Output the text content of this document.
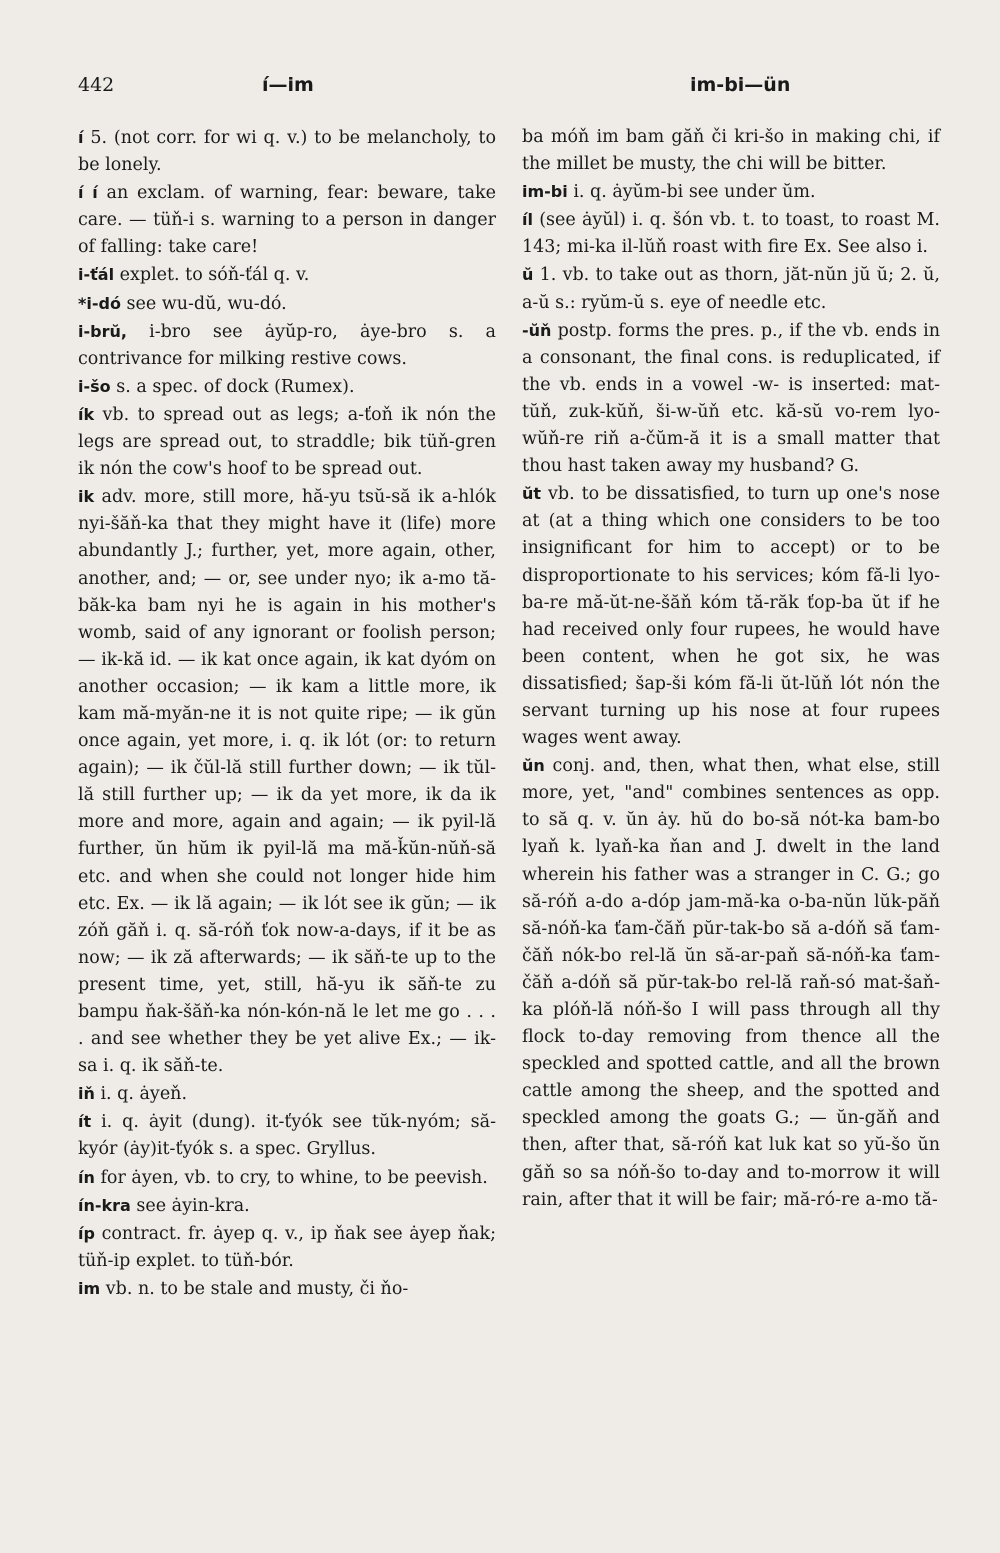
442	í—im	im-bi—ün

í 5. (not corr. for wi q. v.) to be melancholy, to be lonely.

í í an exclam. of warning, fear: beware, take care. — tüň-i s. warning to a person in danger of falling: take care!

i-ťál explet. to sóň-ťál q. v.

*i-dó see wu-dŭ, wu-dó.

i-brŭ, i-bro see ȧyŭp-ro, ȧye-bro s. a contrivance for milking restive cows.

i-šo s. a spec. of dock (Rumex).

ík vb. to spread out as legs; a-ťoň ik nón the legs are spread out, to straddle; bik tüň-gren ik nón the cow's hoof to be spread out.

ik adv. more, still more, hă-yu tsŭ-să ik a-hlók nyi-šăň-ka that they might have it (life) more abundantly J.; further, yet, more again, other, another, and; — or, see under nyo; ik a-mo tă-băk-ka bam nyi he is again in his mother's womb, said of any ignorant or foolish person; — ik-kă id. — ik kat once again, ik kat dyóm on another occasion; — ik kam a little more, ik kam mă-myăn-ne it is not quite ripe; — ik gŭn once again, yet more, i. q. ik lót (or: to return again); — ik čŭl-lă still further down; — ik tŭl-lă still further up; — ik da yet more, ik da ik more and more, again and again; — ik pyil-lă further, ŭn hŭm ik pyil-lă ma mă-ǩŭn-nŭň-să etc. and when she could not longer hide him etc. Ex. — ik lă again; — ik lót see ik gŭn; — ik zóň găň i. q. să-róň ťok now-a-days, if it be as now; — ik ză afterwards; — ik săň-te up to the present time, yet, still, hă-yu ik săň-te zu bampu ňak-šăň-ka nón-kón-nă le let me go . . . . and see whether they be yet alive Ex.; — ik-sa i. q. ik săň-te.

iň i. q. ȧyeň.

ít i. q. ȧyit (dung). it-ťyók see tŭk-nyóm; să-kyór (ȧy)it-ťyók s. a spec. Gryllus.

ín for ȧyen, vb. to cry, to whine, to be peevish.

ín-kra see ȧyin-kra.

íp contract. fr. ȧyep q. v., ip ňak see ȧyep ňak; tüň-ip explet. to tüň-bór.

im vb. n. to be stale and musty, či ňo-

ba móň im bam găň či kri-šo in making chi, if the millet be musty, the chi will be bitter.

im-bi i. q. ȧyŭm-bi see under ŭm.

íl (see ȧyŭl) i. q. šón vb. t. to toast, to roast M. 143; mi-ka il-lŭň roast with fire Ex. See also i.

ŭ 1. vb. to take out as thorn, jăt-nŭn jŭ ŭ; 2. ŭ, a-ŭ s.: ryŭm-ŭ s. eye of needle etc.

-ŭň postp. forms the pres. p., if the vb. ends in a consonant, the final cons. is reduplicated, if the vb. ends in a vowel -w- is inserted: mat-tŭň, zuk-kŭň, ši-w-ŭň etc. kă-sŭ vo-rem lyo-wŭň-re riň a-čŭm-ă it is a small matter that thou hast taken away my husband? G.

ŭt vb. to be dissatisfied, to turn up one's nose at (at a thing which one considers to be too insignificant for him to accept) or to be disproportionate to his services; kóm fă-li lyo-ba-re mă-ŭt-ne-šăň kóm tă-răk ťop-ba ŭt if he had received only four rupees, he would have been content, when he got six, he was dissatisfied; šap-ši kóm fă-li ŭt-lŭň lót nón the servant turning up his nose at four rupees wages went away.

ŭn conj. and, then, what then, what else, still more, yet, "and" combines sentences as opp. to să q. v. ŭn ȧy. hŭ do bo-să nót-ka bam-bo lyaň k. lyaň-ka ňan and J. dwelt in the land wherein his father was a stranger in C. G.; go să-róň a-do a-dóp jam-mă-ka o-ba-nŭn lŭk-păň să-nóň-ka ťam-čăň pŭr-tak-bo să a-dóň să ťam-čăň nók-bo rel-lă ŭn să-ar-paň să-nóň-ka ťam-čăň a-dóň să pŭr-tak-bo rel-lă raň-só mat-šaň-ka plóň-lă nóň-šo I will pass through all thy flock to-day removing from thence all the speckled and spotted cattle, and all the brown cattle among the sheep, and the spotted and speckled among the goats G.; — ŭn-găň and then, after that, să-róň kat luk kat so yŭ-šo ŭn găň so sa nóň-šo to-day and to-morrow it will rain, after that it will be fair; mă-ró-re a-mo tă-
